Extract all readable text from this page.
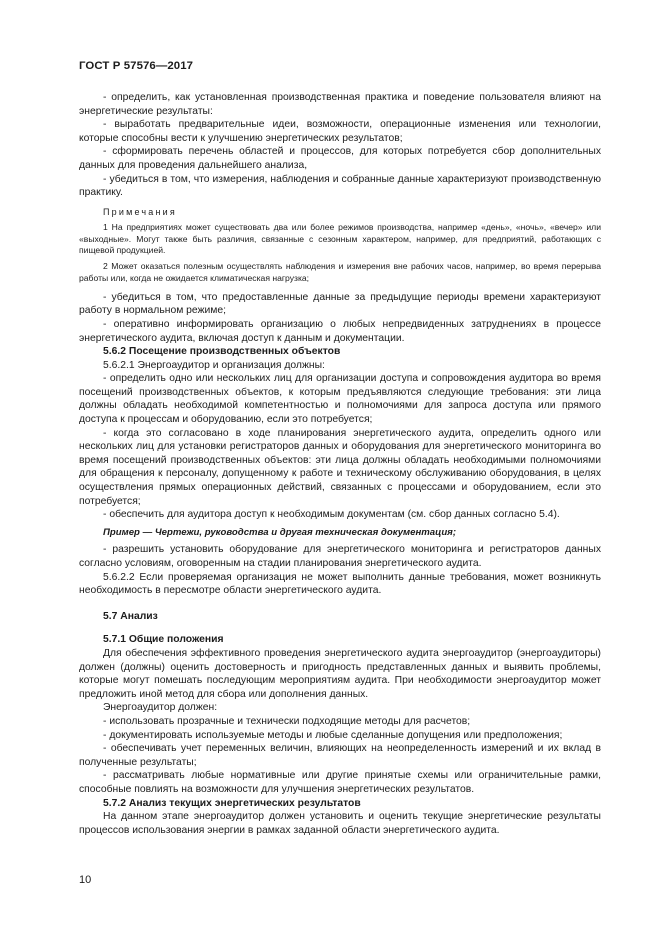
ГОСТ Р 57576—2017

- определить, как установленная производственная практика и поведение пользователя влияют на энергетические результаты:

- выработать предварительные идеи, возможности, операционные изменения или технологии, которые способны вести к улучшению энергетических результатов;

- сформировать перечень областей и процессов, для которых потребуется сбор дополнительных данных для проведения дальнейшего анализа,

- убедиться в том, что измерения, наблюдения и собранные данные характеризуют производственную практику.

Примечания

1 На предприятиях может существовать два или более режимов производства, например «день», «ночь», «вечер» или «выходные». Могут также быть различия, связанные с сезонным характером, например, для предприятий, работающих с пищевой продукцией.

2 Может оказаться полезным осуществлять наблюдения и измерения вне рабочих часов, например, во время перерыва работы или, когда не ожидается климатическая нагрузка;

- убедиться в том, что предоставленные данные за предыдущие периоды времени характеризуют работу в нормальном режиме;

- оперативно информировать организацию о любых непредвиденных затруднениях в процессе энергетического аудита, включая доступ к данным и документации.

5.6.2 Посещение производственных объектов

5.6.2.1 Энергоаудитор и организация должны:

- определить одно или нескольких лиц для организации доступа и сопровождения аудитора во время посещений производственных объектов, к которым предъявляются следующие требования: эти лица должны обладать необходимой компетентностью и полномочиями для запроса доступа или прямого доступа к процессам и оборудованию, если это потребуется;

- когда это согласовано в ходе планирования энергетического аудита, определить одного или нескольких лиц для установки регистраторов данных и оборудования для энергетического мониторинга во время посещений производственных объектов: эти лица должны обладать необходимыми полномочиями для обращения к персоналу, допущенному к работе и техническому обслуживанию оборудования, в целях осуществления прямых операционных действий, связанных с процессами и оборудованием, если это потребуется;

- обеспечить для аудитора доступ к необходимым документам (см. сбор данных согласно 5.4).

Пример — Чертежи, руководства и другая техническая документация;

- разрешить установить оборудование для энергетического мониторинга и регистраторов данных согласно условиям, оговоренным на стадии планирования энергетического аудита.

5.6.2.2 Если проверяемая организация не может выполнить данные требования, может возникнуть необходимость в пересмотре области энергетического аудита.

5.7 Анализ

5.7.1 Общие положения

Для обеспечения эффективного проведения энергетического аудита энергоаудитор (энергоаудиторы) должен (должны) оценить достоверность и пригодность представленных данных и выявить проблемы, которые могут помешать последующим мероприятиям аудита. При необходимости энергоаудитор может предложить иной метод для сбора или дополнения данных.

Энергоаудитор должен:

- использовать прозрачные и технически подходящие методы для расчетов;

- документировать используемые методы и любые сделанные допущения или предположения;

- обеспечивать учет переменных величин, влияющих на неопределенность измерений и их вклад в полученные результаты;

- рассматривать любые нормативные или другие принятые схемы или ограничительные рамки, способные повлиять на возможности для улучшения энергетических результатов.

5.7.2 Анализ текущих энергетических результатов

На данном этапе энергоаудитор должен установить и оценить текущие энергетические результаты процессов использования энергии в рамках заданной области энергетического аудита.

10
